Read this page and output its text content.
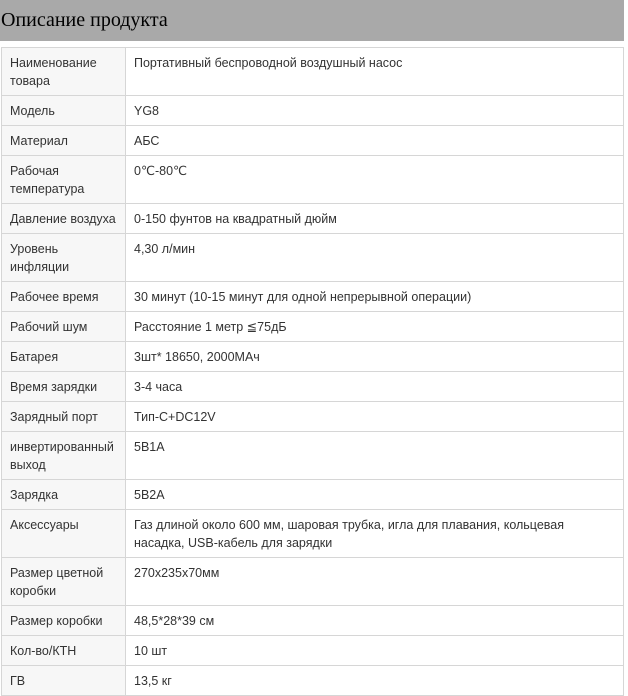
Описание продукта
Наименование товара	Портативный беспроводной воздушный насос
Модель	YG8
Материал	АБС
Рабочая температура	0℃-80℃
Давление воздуха	0-150 фунтов на квадратный дюйм
Уровень инфляции	4,30 л/мин
Рабочее время	30 минут (10-15 минут для одной непрерывной операции)
Рабочий шум	Расстояние 1 метр ≦75дБ
Батарея	3шт* 18650, 2000МАч
Время зарядки	3-4 часа
Зарядный порт	Тип-C+DC12V
инвертированный выход	5В1А
Зарядка	5В2А
Аксессуары	Газ длиной около 600 мм, шаровая трубка, игла для плавания, кольцевая насадка, USB-кабель для зарядки
Размер цветной коробки	270x235x70мм
Размер коробки	48,5*28*39 см
Кол-во/КТН	10 шт
ГВ	13,5 кг
